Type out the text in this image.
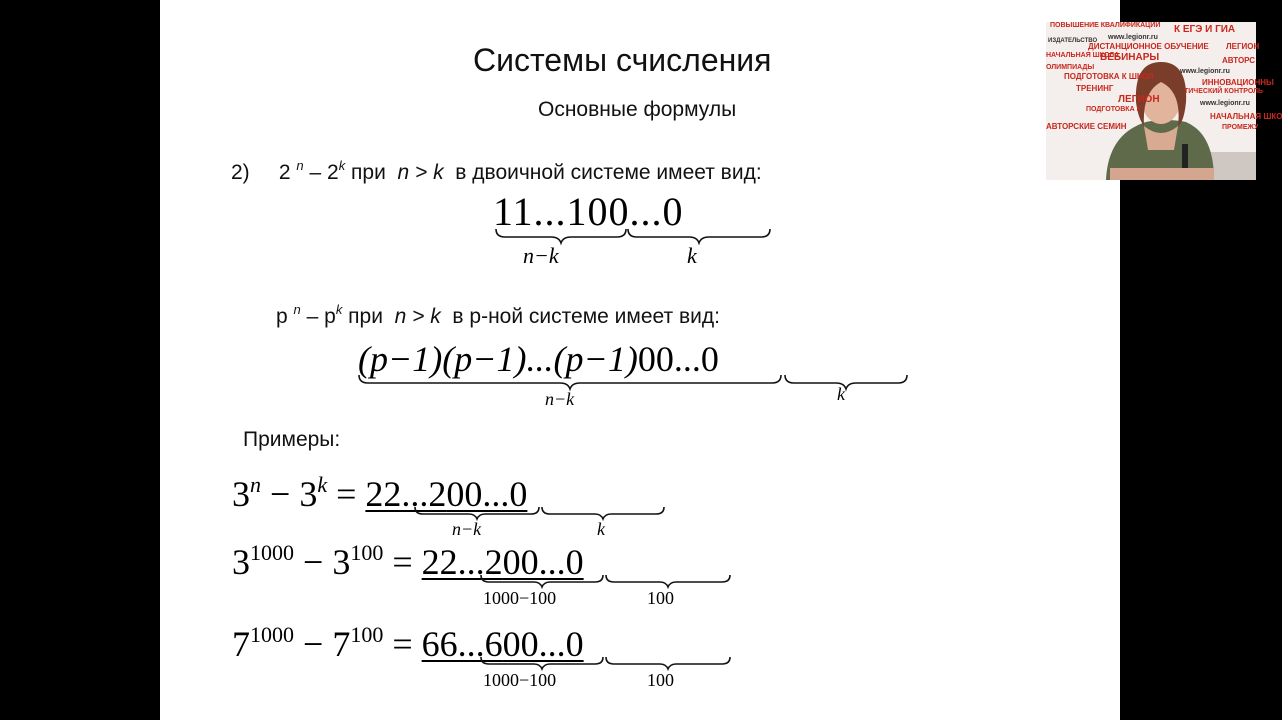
Системы счисления
Основные формулы
2) 2 $^n$ – 2$^k$ при n > k в двоичной системе имеет вид:
11...100...0
n−k	k
p $^n - p^k$ при n > k в р-ной системе имеет вид:
(p−1)(p−1)...(p−1)00...0
n−k	k
Примеры:
$3^n - 3^k = 22...200...0$
n−k	k
$3^{1000} - 3^{100} = 22...200...0$
1000−100	100
$7^{1000} - 7^{100} = 66...600...0$
1000−100	100
ПОВЫШЕНИЕ КВАЛИФИКАЦИИ К ЕГЭ И ГИА
www.legionr.ru
ИЗДАТЕЛЬСТВО
ДИСТАНЦИОННОЕ ОБУЧЕНИЕ ЛЕГИОН
НАЧАЛЬНАЯ ШКОЛА
ВЕБИНАРЫ
ОЛИМПИАДЫ
АВТОРС
ПОДГОТОВКА К ШКОЛ
www.legionr.ru
ТРЕНИНГ
ИННОВАЦИОННЫ
ЛЕГИОН
ТИЧЕСКИЙ КОНТРОЛЬ
ПОДГОТОВКА К
www.legionr.ru
НАЧАЛЬНАЯ ШКО
АВТОРСКИЕ СЕМИН	ПРОМЕЖУ
